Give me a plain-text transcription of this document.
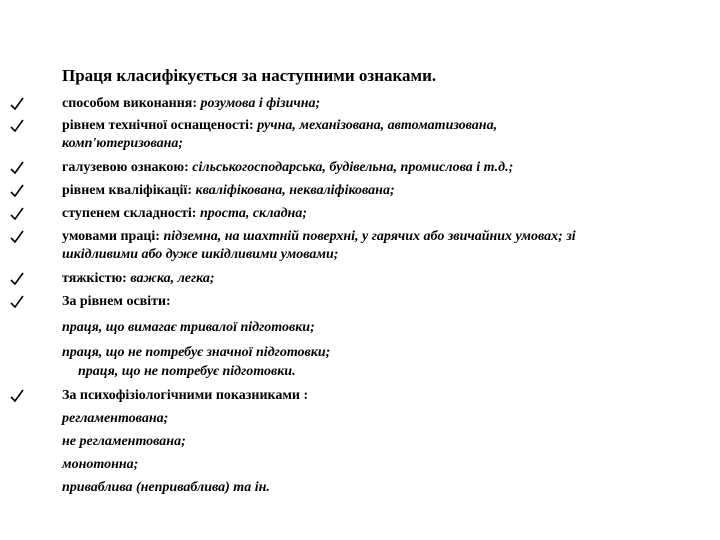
Праця класифікується за наступними ознаками.
способом виконання: розумова і фізична;
рівнем технічної оснащеності: ручна, механізована, автоматизована,
комп'ютеризована;
галузевою ознакою: сільськогосподарська, будівельна, промислова і т.д.;
рівнем кваліфікації: кваліфікована, некваліфікована;
ступенем складності: проста, складна;
умовами праці: підземна, на шахтній поверхні, у гарячих або звичайних умовах; зі
шкідливими або дуже шкідливими умовами;
тяжкістю: важка, легка;
За рівнем освіти:
праця, що вимагає тривалої підготовки;
праця, що не потребує значної підготовки;
праця, що не потребує підготовки.
За психофізіологічними показниками :
регламентована;
не регламентована;
монотонна;
приваблива (неприваблива) та ін.
